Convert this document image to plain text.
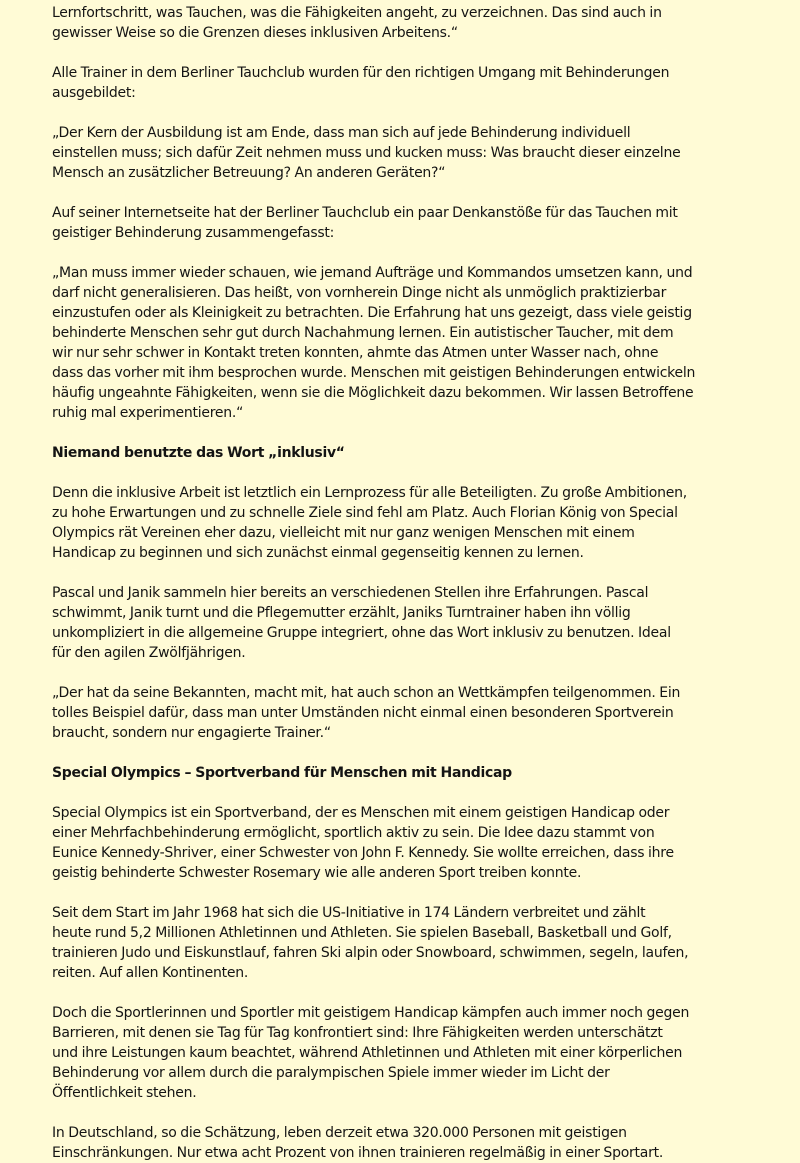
Lernfortschritt, was Tauchen, was die Fähigkeiten angeht, zu verzeichnen. Das sind auch in
gewisser Weise so die Grenzen dieses inklusiven Arbeitens.“
Alle Trainer in dem Berliner Tauchclub wurden für den richtigen Umgang mit Behinderungen
ausgebildet:
„Der Kern der Ausbildung ist am Ende, dass man sich auf jede Behinderung individuell
einstellen muss; sich dafür Zeit nehmen muss und kucken muss: Was braucht dieser einzelne
Mensch an zusätzlicher Betreuung? An anderen Geräten?“
Auf seiner Internetseite hat der Berliner Tauchclub ein paar Denkanstöße für das Tauchen mit
geistiger Behinderung zusammengefasst:
„Man muss immer wieder schauen, wie jemand Aufträge und Kommandos umsetzen kann, und
darf nicht generalisieren. Das heißt, von vornherein Dinge nicht als unmöglich praktizierbar
einzustufen oder als Kleinigkeit zu betrachten. Die Erfahrung hat uns gezeigt, dass viele geistig
behinderte Menschen sehr gut durch Nachahmung lernen. Ein autistischer Taucher, mit dem
wir nur sehr schwer in Kontakt treten konnten, ahmte das Atmen unter Wasser nach, ohne
dass das vorher mit ihm besprochen wurde. Menschen mit geistigen Behinderungen entwickeln
häufig ungeahnte Fähigkeiten, wenn sie die Möglichkeit dazu bekommen. Wir lassen Betroffene
ruhig mal experimentieren.“
Niemand benutzte das Wort „inklusiv“
Denn die inklusive Arbeit ist letztlich ein Lernprozess für alle Beteiligten. Zu große Ambitionen,
zu hohe Erwartungen und zu schnelle Ziele sind fehl am Platz. Auch Florian König von Special
Olympics rät Vereinen eher dazu, vielleicht mit nur ganz wenigen Menschen mit einem
Handicap zu beginnen und sich zunächst einmal gegenseitig kennen zu lernen.
Pascal und Janik sammeln hier bereits an verschiedenen Stellen ihre Erfahrungen. Pascal
schwimmt, Janik turnt und die Pflegemutter erzählt, Janiks Turntrainer haben ihn völlig
unkompliziert in die allgemeine Gruppe integriert, ohne das Wort inklusiv zu benutzen. Ideal
für den agilen Zwölfjährigen.
„Der hat da seine Bekannten, macht mit, hat auch schon an Wettkämpfen teilgenommen. Ein
tolles Beispiel dafür, dass man unter Umständen nicht einmal einen besonderen Sportverein
braucht, sondern nur engagierte Trainer.“
Special Olympics – Sportverband für Menschen mit Handicap
Special Olympics ist ein Sportverband, der es Menschen mit einem geistigen Handicap oder
einer Mehrfachbehinderung ermöglicht, sportlich aktiv zu sein. Die Idee dazu stammt von
Eunice Kennedy-Shriver, einer Schwester von John F. Kennedy. Sie wollte erreichen, dass ihre
geistig behinderte Schwester Rosemary wie alle anderen Sport treiben konnte.
Seit dem Start im Jahr 1968 hat sich die US-Initiative in 174 Ländern verbreitet und zählt
heute rund 5,2 Millionen Athletinnen und Athleten. Sie spielen Baseball, Basketball und Golf,
trainieren Judo und Eiskunstlauf, fahren Ski alpin oder Snowboard, schwimmen, segeln, laufen,
reiten. Auf allen Kontinenten.
Doch die Sportlerinnen und Sportler mit geistigem Handicap kämpfen auch immer noch gegen
Barrieren, mit denen sie Tag für Tag konfrontiert sind: Ihre Fähigkeiten werden unterschätzt
und ihre Leistungen kaum beachtet, während Athletinnen und Athleten mit einer körperlichen
Behinderung vor allem durch die paralympischen Spiele immer wieder im Licht der
Öffentlichkeit stehen.
In Deutschland, so die Schätzung, leben derzeit etwa 320.000 Personen mit geistigen
Einschränkungen. Nur etwa acht Prozent von ihnen trainieren regelmäßig in einer Sportart.
